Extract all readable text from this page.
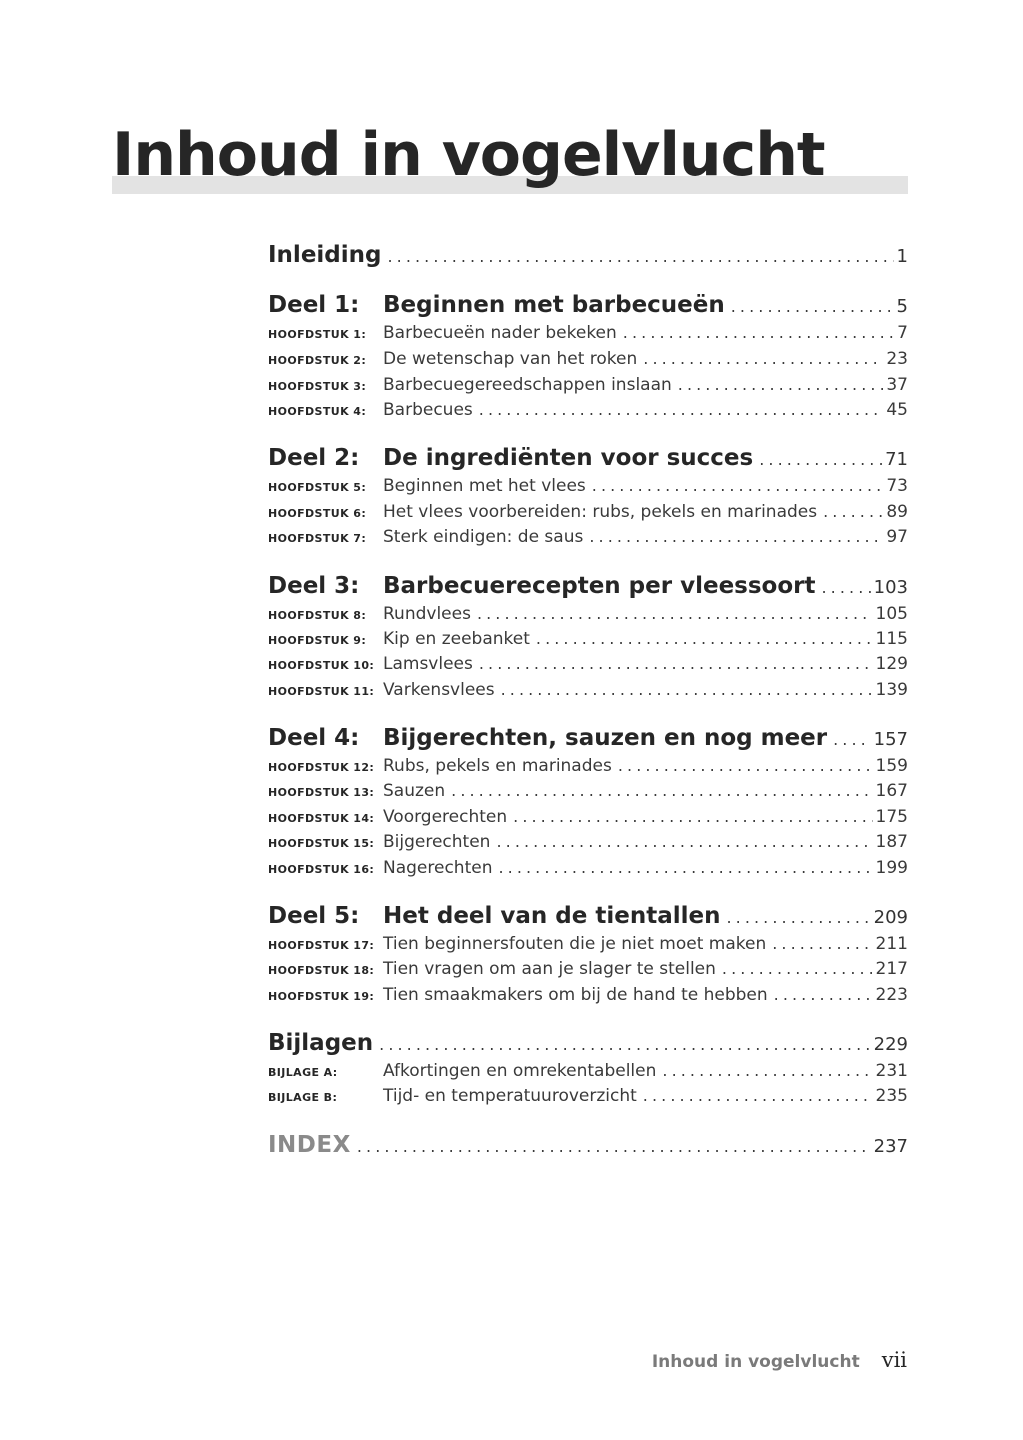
Inhoud in vogelvlucht
Inleiding . . .	1
Deel 1:	Beginnen met barbecueën . . .	5
HOOFDSTUK 1: Barbecueën nader bekeken . . .	7
HOOFDSTUK 2: De wetenschap van het roken . . .	23
HOOFDSTUK 3: Barbecuegereedschappen inslaan . . .	37
HOOFDSTUK 4: Barbecues . . .	45
Deel 2:	De ingrediënten voor succes . . .	71
HOOFDSTUK 5: Beginnen met het vlees . . .	73
HOOFDSTUK 6: Het vlees voorbereiden: rubs, pekels en marinades . . .	89
HOOFDSTUK 7: Sterk eindigen: de saus . . .	97
Deel 3:	Barbecuerecepten per vleessoort . . .	103
HOOFDSTUK 8: Rundvlees . . .	105
HOOFDSTUK 9: Kip en zeebanket . . .	115
HOOFDSTUK 10: Lamsvlees . . .	129
HOOFDSTUK 11: Varkensvlees . . .	139
Deel 4:	Bijgerechten, sauzen en nog meer . . .	157
HOOFDSTUK 12: Rubs, pekels en marinades . . .	159
HOOFDSTUK 13: Sauzen . . .	167
HOOFDSTUK 14: Voorgerechten . . .	175
HOOFDSTUK 15: Bijgerechten . . .	187
HOOFDSTUK 16: Nagerechten . . .	199
Deel 5:	Het deel van de tientallen . . .	209
HOOFDSTUK 17: Tien beginnersfouten die je niet moet maken . . .	211
HOOFDSTUK 18: Tien vragen om aan je slager te stellen . . .	217
HOOFDSTUK 19: Tien smaakmakers om bij de hand te hebben . . .	223
Bijlagen . . .	229
BIJLAGE A:	Afkortingen en omrekentabellen . . .	231
BIJLAGE B:	Tijd- en temperatuuroverzicht . . .	235
INDEX . . .	237
Inhoud in vogelvlucht vii
